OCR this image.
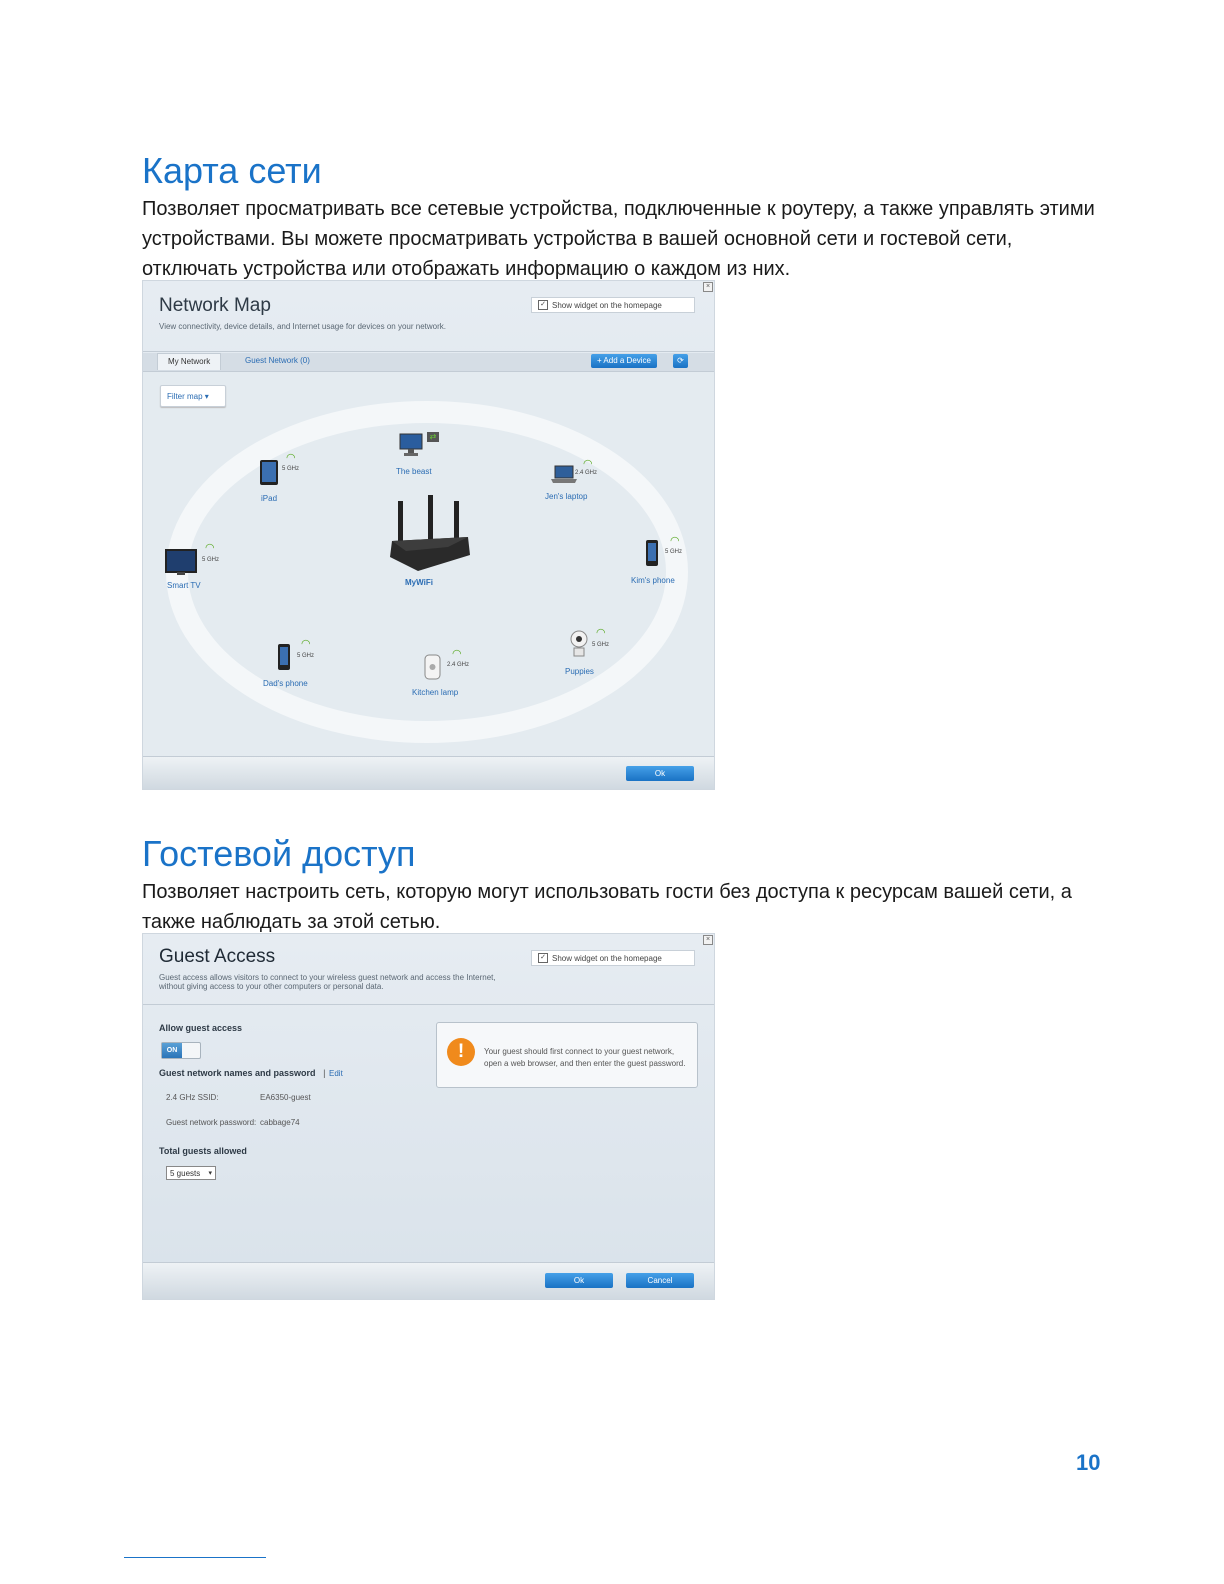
Карта сети
Позволяет просматривать все сетевые устройства, подключенные к роутеру, а также управлять этими устройствами. Вы можете просматривать устройства в вашей основной сети и гостевой сети, отключать устройства или отображать информацию о каждом из них.
Network Map
View connectivity, device details, and Internet usage for devices on your network.
✓ Show widget on the homepage
×
My Network	Guest Network (0)	+ Add a Device	⟳
Filter map
▾
MyWiFi
⇄
The beast
◠
5 GHz
iPad
◠
2.4 GHz
Jen's laptop
◠
5 GHz
Smart TV
◠
5 GHz
Kim's phone
◠
5 GHz
Dad's phone
◠
2.4 GHz
Kitchen lamp
◠
5 GHz
Puppies
Ok
Гостевой доступ
Позволяет настроить сеть, которую могут использовать гости без доступа к ресурсам вашей сети, а также наблюдать за этой сетью.
Guest Access
Guest access allows visitors to connect to your wireless guest network and access the Internet, without giving access to your other computers or personal data.
✓ Show widget on the homepage
×
Allow guest access
ON
Guest network names and password   |
Edit
2.4 GHz SSID:	EA6350-guest
Guest network password: cabbage74
Total guests allowed
5 guests ▾
!	Your guest should first connect to your guest network, open a web browser, and then enter the guest password.
Ok	Cancel
10
